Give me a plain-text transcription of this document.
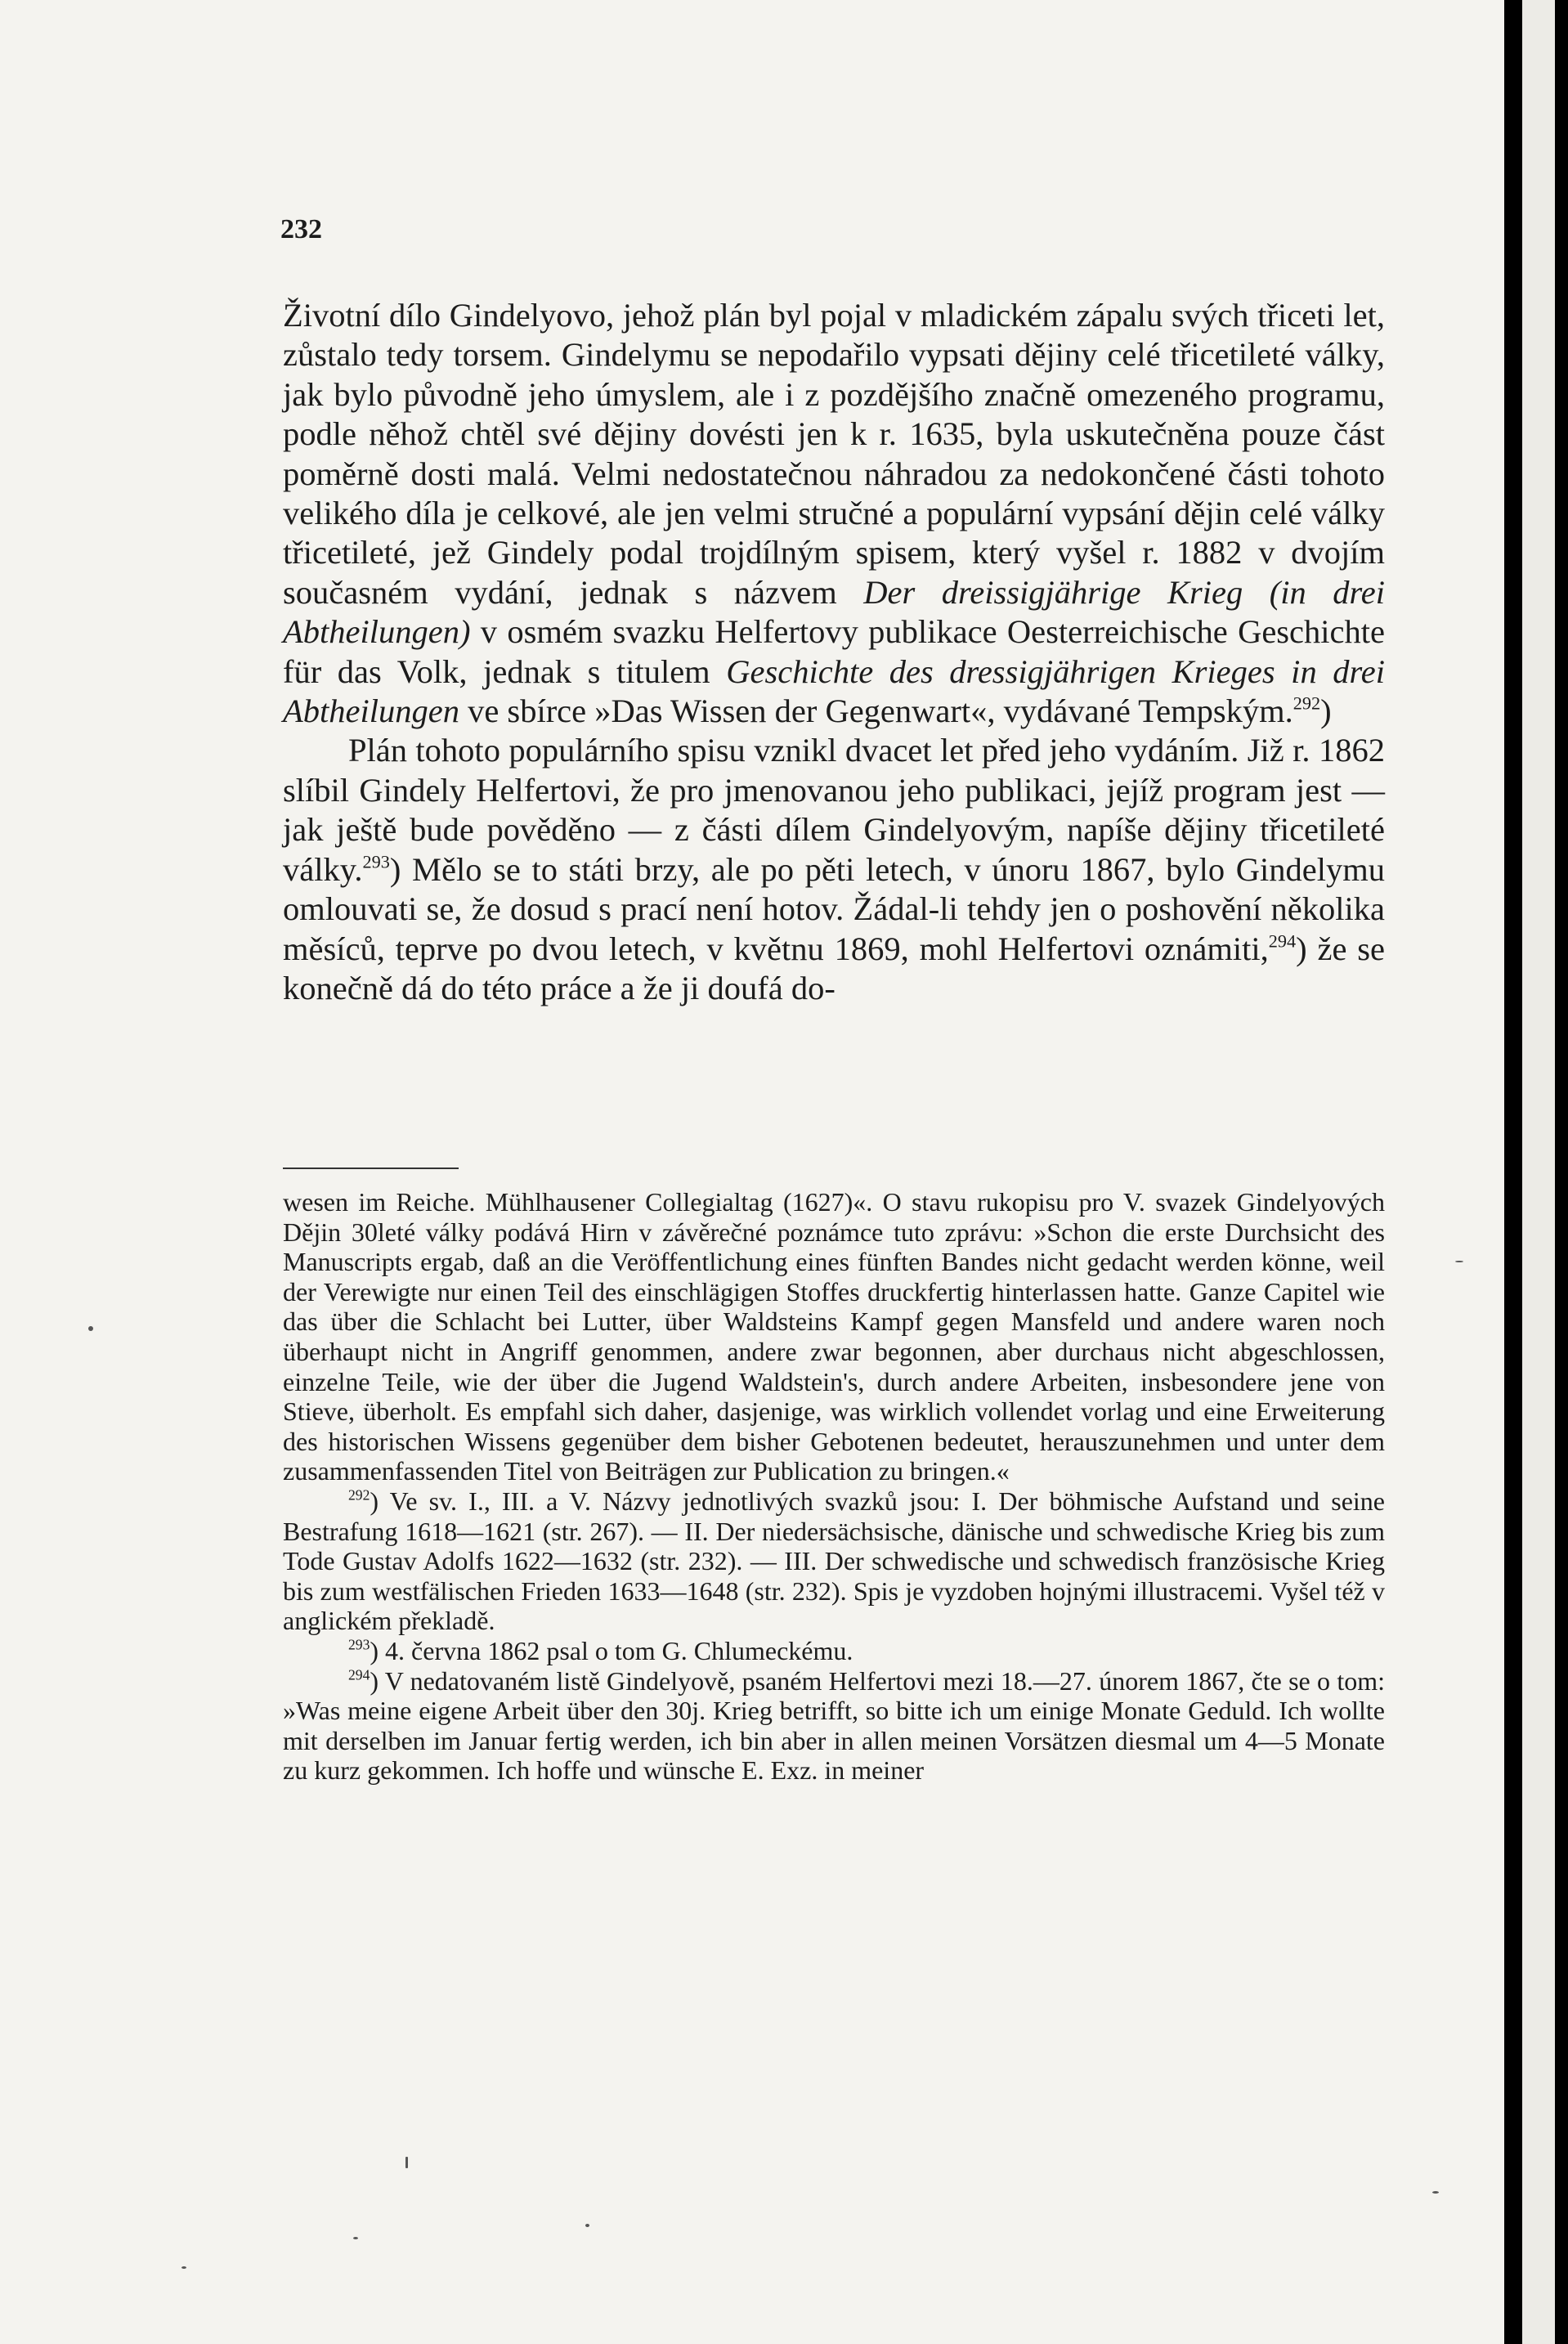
232

Životní dílo Gindelyovo, jehož plán byl pojal v mladickém zápalu svých třiceti let, zůstalo tedy torsem. Gindelymu se nepodařilo vypsati dějiny celé třicetileté války, jak bylo původně jeho úmyslem, ale i z pozdějšího značně omezeného programu, podle něhož chtěl své dějiny dovésti jen k r. 1635, byla uskutečněna pouze část poměrně dosti malá. Velmi nedostatečnou náhradou za nedokončené části tohoto velikého díla je celkové, ale jen velmi stručné a populární vypsání dějin celé války třicetileté, jež Gindely podal trojdílným spisem, který vyšel r. 1882 v dvojím současném vydání, jednak s názvem Der dreissigjährige Krieg (in drei Abtheilungen) v osmém svazku Helfertovy publikace Oesterreichische Geschichte für das Volk, jednak s titulem Geschichte des dressigjährigen Krieges in drei Abtheilungen ve sbírce »Das Wissen der Gegenwart«, vydávané Tempským.$^{292}$)

Plán tohoto populárního spisu vznikl dvacet let před jeho vydáním. Již r. 1862 slíbil Gindely Helfertovi, že pro jmenovanou jeho publikaci, jejíž program jest — jak ještě bude pověděno — z části dílem Gindelyovým, napíše dějiny třicetileté války.$^{293}$) Mělo se to státi brzy, ale po pěti letech, v únoru 1867, bylo Gindelymu omlouvati se, že dosud s prací není hotov. Žádal-li tehdy jen o poshovění několika měsíců, teprve po dvou letech, v květnu 1869, mohl Helfertovi oznámiti,$^{294}$) že se konečně dá do této práce a že ji doufá do-

wesen im Reiche. Mühlhausener Collegialtag (1627)«. O stavu rukopisu pro V. svazek Gindelyových Dějin 30leté války podává Hirn v závěrečné poznámce tuto zprávu: »Schon die erste Durchsicht des Manuscripts ergab, daß an die Veröffentlichung eines fünften Bandes nicht gedacht werden könne, weil der Verewigte nur einen Teil des einschlägigen Stoffes druckfertig hinterlassen hatte. Ganze Capitel wie das über die Schlacht bei Lutter, über Waldsteins Kampf gegen Mansfeld und andere waren noch überhaupt nicht in Angriff genommen, andere zwar begonnen, aber durchaus nicht abgeschlossen, einzelne Teile, wie der über die Jugend Waldstein's, durch andere Arbeiten, insbesondere jene von Stieve, überholt. Es empfahl sich daher, dasjenige, was wirklich vollendet vorlag und eine Erweiterung des historischen Wissens gegenüber dem bisher Gebotenen bedeutet, herauszunehmen und unter dem zusammenfassenden Titel von Beiträgen zur Publication zu bringen.«

$^{292}$) Ve sv. I., III. a V. Názvy jednotlivých svazků jsou: I. Der böhmische Aufstand und seine Bestrafung 1618—1621 (str. 267). — II. Der niedersächsische, dänische und schwedische Krieg bis zum Tode Gustav Adolfs 1622—1632 (str. 232). — III. Der schwedische und schwedisch französische Krieg bis zum westfälischen Frieden 1633—1648 (str. 232). Spis je vyzdoben hojnými illustracemi. Vyšel též v anglickém překladě.

$^{293}$) 4. června 1862 psal o tom G. Chlumeckému.

$^{294}$) V nedatovaném listě Gindelyově, psaném Helfertovi mezi 18.—27. únorem 1867, čte se o tom: »Was meine eigene Arbeit über den 30j. Krieg betrifft, so bitte ich um einige Monate Geduld. Ich wollte mit derselben im Januar fertig werden, ich bin aber in allen meinen Vorsätzen diesmal um 4—5 Monate zu kurz gekommen. Ich hoffe und wünsche E. Exz. in meiner
